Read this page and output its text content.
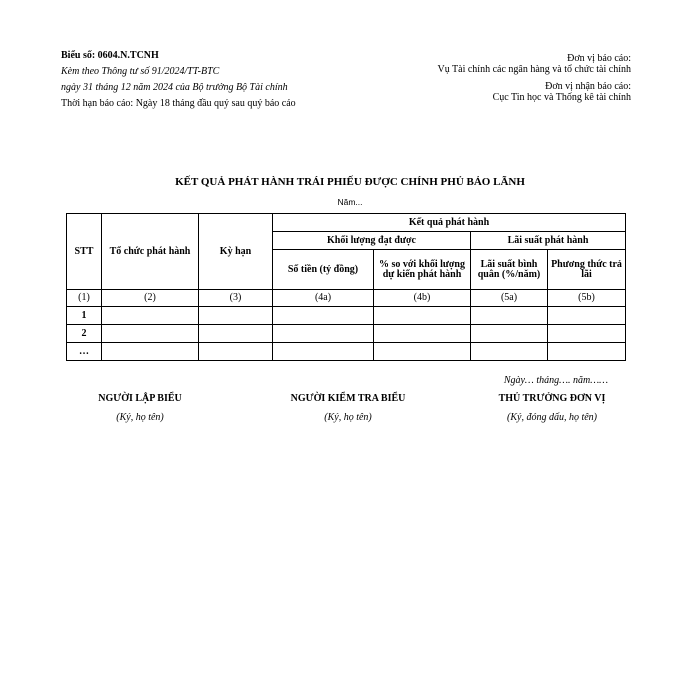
Biểu số: 0604.N.TCNH
Kèm theo Thông tư số 91/2024/TT-BTC
ngày 31 tháng 12 năm 2024 của Bộ trưởng Bộ Tài chính
Thời hạn báo cáo: Ngày 18 tháng đầu quý sau quý báo cáo
Đơn vị báo cáo:
Vụ Tài chính các ngân hàng và tổ chức tài chính
Đơn vị nhận báo cáo:
Cục Tin học và Thống kê tài chính
KẾT QUẢ PHÁT HÀNH TRÁI PHIẾU ĐƯỢC CHÍNH PHỦ BẢO LÃNH
Năm...
STT	Tổ chức phát hành	Kỳ hạn	Kết quả phát hành			
			Khối lượng đạt được		Lãi suất phát hành	
			Số tiền (tỷ đồng)	% so với khối lượng dự kiến phát hành	Lãi suất bình quân (%/năm)	Phương thức trả lãi
(1)	(2)	(3)	(4a)	(4b)	(5a)	(5b)
1						
2						
…						
Ngày… tháng…. năm……
NGƯỜI LẬP BIỂU
(Ký, họ tên)
NGƯỜI KIỂM TRA BIỂU
(Ký, họ tên)
THỦ TRƯỞNG ĐƠN VỊ
(Ký, đóng dấu, họ tên)
